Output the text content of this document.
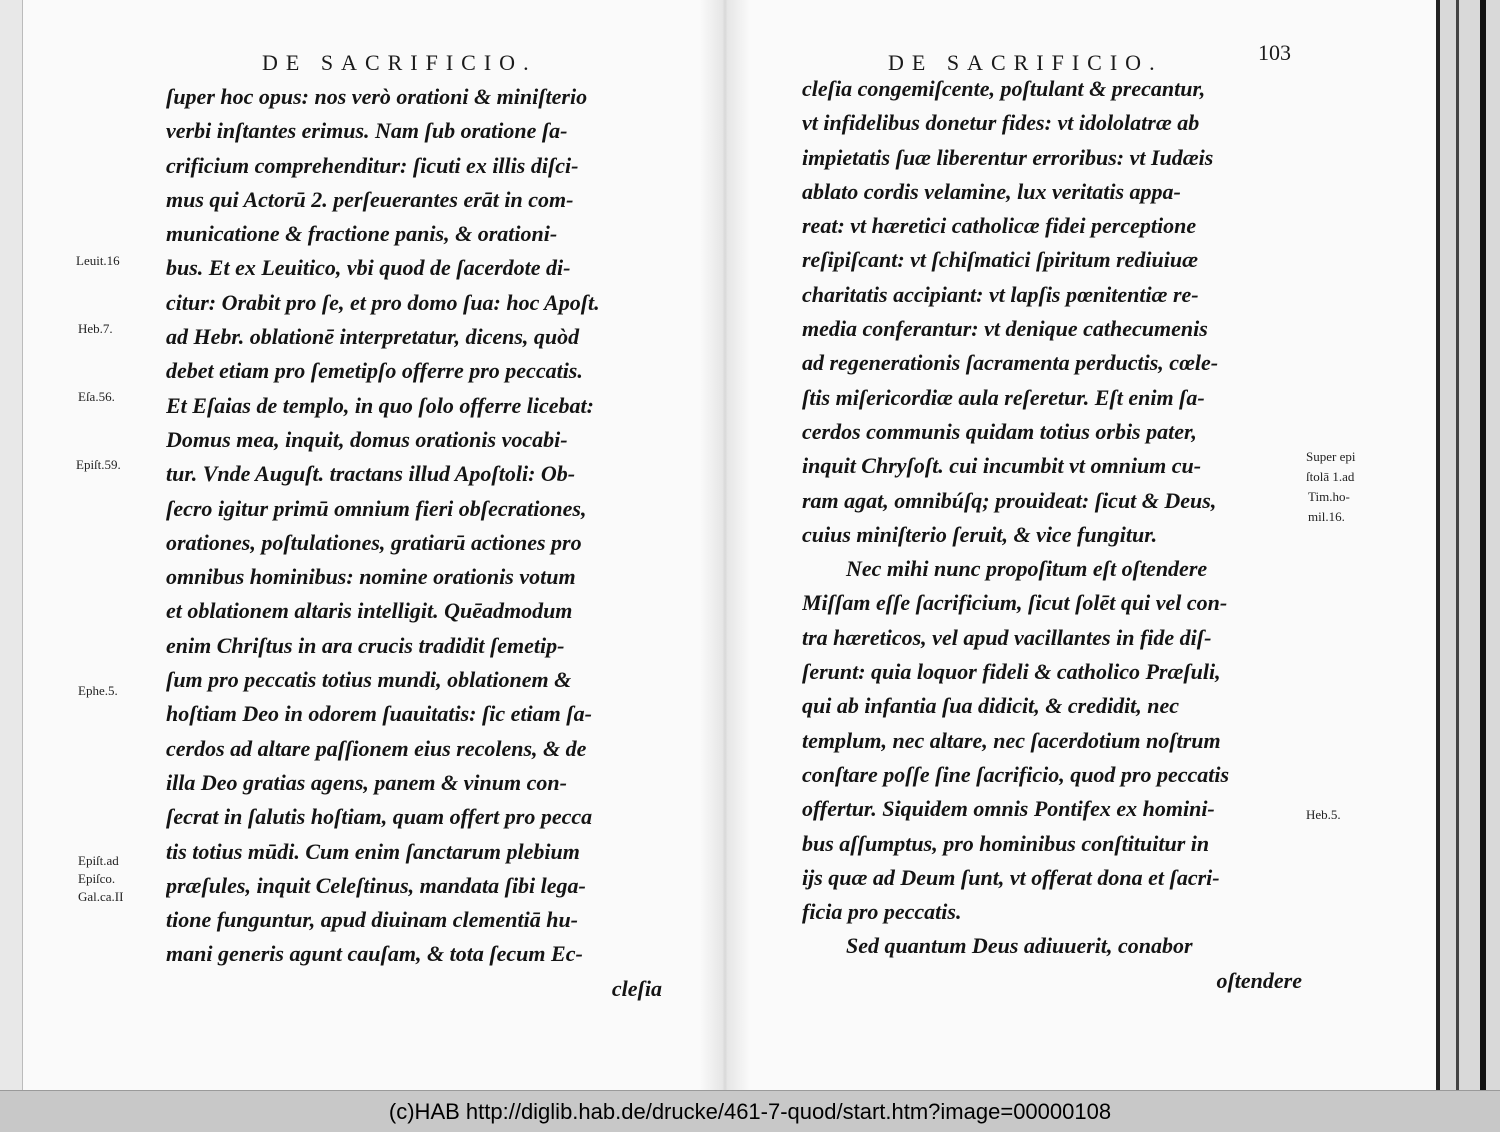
DE SACRIFICIO.
ſuper hoc opus: nos verò orationi & miniſterio
verbi inſtantes erimus. Nam ſub oratione ſa-
crificium comprehenditur: ſicuti ex illis diſci-
mus qui Actorū 2. perſeuerantes erāt in com-
municatione & fractione panis, & orationi-
bus. Et ex Leuitico, vbi quod de ſacerdote di-
citur: Orabit pro ſe, et pro domo ſua: hoc Apoſt.
ad Hebr. oblationē interpretatur, dicens, quòd
debet etiam pro ſemetipſo offerre pro peccatis.
Et Eſaias de templo, in quo ſolo offerre licebat:
Domus mea, inquit, domus orationis vocabi-
tur. Vnde Auguſt. tractans illud Apoſtoli: Ob-
ſecro igitur primū omnium fieri obſecrationes,
orationes, poſtulationes, gratiarū actiones pro
omnibus hominibus: nomine orationis votum
et oblationem altaris intelligit. Quēadmodum
enim Chriſtus in ara crucis tradidit ſemetip-
ſum pro peccatis totius mundi, oblationem &
hoſtiam Deo in odorem ſuauitatis: ſic etiam ſa-
cerdos ad altare paſſionem eius recolens, & de
illa Deo gratias agens, panem & vinum con-
ſecrat in ſalutis hoſtiam, quam offert pro pecca
tis totius mūdi. Cum enim ſanctarum plebium
præſules, inquit Celeſtinus, mandata ſibi lega-
tione funguntur, apud diuinam clementiā hu-
mani generis agunt cauſam, & tota ſecum Ec-
cleſia
Leuit.16
Heb.7.
Eſa.56.
Epiſt.59.
Ephe.5.
Epiſt.ad
Epiſco.
Gal.ca.II
DE SACRIFICIO.	103
cleſia congemiſcente, poſtulant & precantur,
vt infidelibus donetur fides: vt idololatræ ab
impietatis ſuæ liberentur erroribus: vt Iudæis
ablato cordis velamine, lux veritatis appa-
reat: vt hæretici catholicæ fidei perceptione
reſipiſcant: vt ſchiſmatici ſpiritum rediuiuæ
charitatis accipiant: vt lapſis pœnitentiæ re-
media conferantur: vt denique cathecumenis
ad regenerationis ſacramenta perductis, cœle-
ſtis miſericordiæ aula reſeretur. Eſt enim ſa-
cerdos communis quidam totius orbis pater,
inquit Chryſoſt. cui incumbit vt omnium cu-
ram agat, omnibúſq; prouideat: ſicut & Deus,
cuius miniſterio ſeruit, & vice fungitur.
Nec mihi nunc propoſitum eſt oſtendere
Miſſam eſſe ſacrificium, ſicut ſolēt qui vel con-
tra hæreticos, vel apud vacillantes in fide diſ-
ſerunt: quia loquor fideli & catholico Præſuli,
qui ab infantia ſua didicit, & credidit, nec
templum, nec altare, nec ſacerdotium noſtrum
conſtare poſſe ſine ſacrificio, quod pro peccatis
offertur. Siquidem omnis Pontifex ex homini-
bus aſſumptus, pro hominibus conſtituitur in
ijs quæ ad Deum ſunt, vt offerat dona et ſacri-
ficia pro peccatis.
Sed quantum Deus adiuuerit, conabor
oſtendere
Super epi
ſtolā 1.ad
Tim.ho-
mil.16.
Heb.5.
(c)HAB http://diglib.hab.de/drucke/461-7-quod/start.htm?image=00000108
